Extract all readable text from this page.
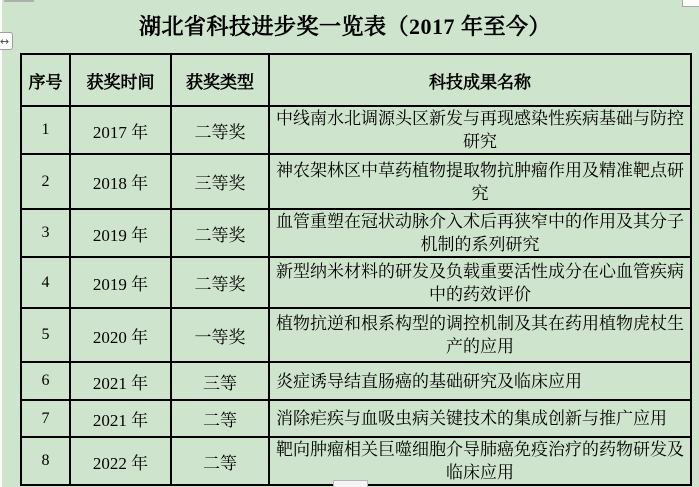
↔
湖北省科技进步奖一览表（2017 年至今）
序号	获奖时间	获奖类型	科技成果名称
1	2017 年	二等奖	中线南水北调源头区新发与再现感染性疾病基础与防控研究
2	2018 年	三等奖	神农架林区中草药植物提取物抗肿瘤作用及精准靶点研究
3	2019 年	二等奖	血管重塑在冠状动脉介入术后再狭窄中的作用及其分子机制的系列研究
4	2019 年	二等奖	新型纳米材料的研发及负载重要活性成分在心血管疾病中的药效评价
5	2020 年	一等奖	植物抗逆和根系构型的调控机制及其在药用植物虎杖生产的应用
6	2021 年	三等	炎症诱导结直肠癌的基础研究及临床应用
7	2021 年	二等	消除疟疾与血吸虫病关键技术的集成创新与推广应用
8	2022 年	二等	靶向肿瘤相关巨噬细胞介导肺癌免疫治疗的药物研发及临床应用
